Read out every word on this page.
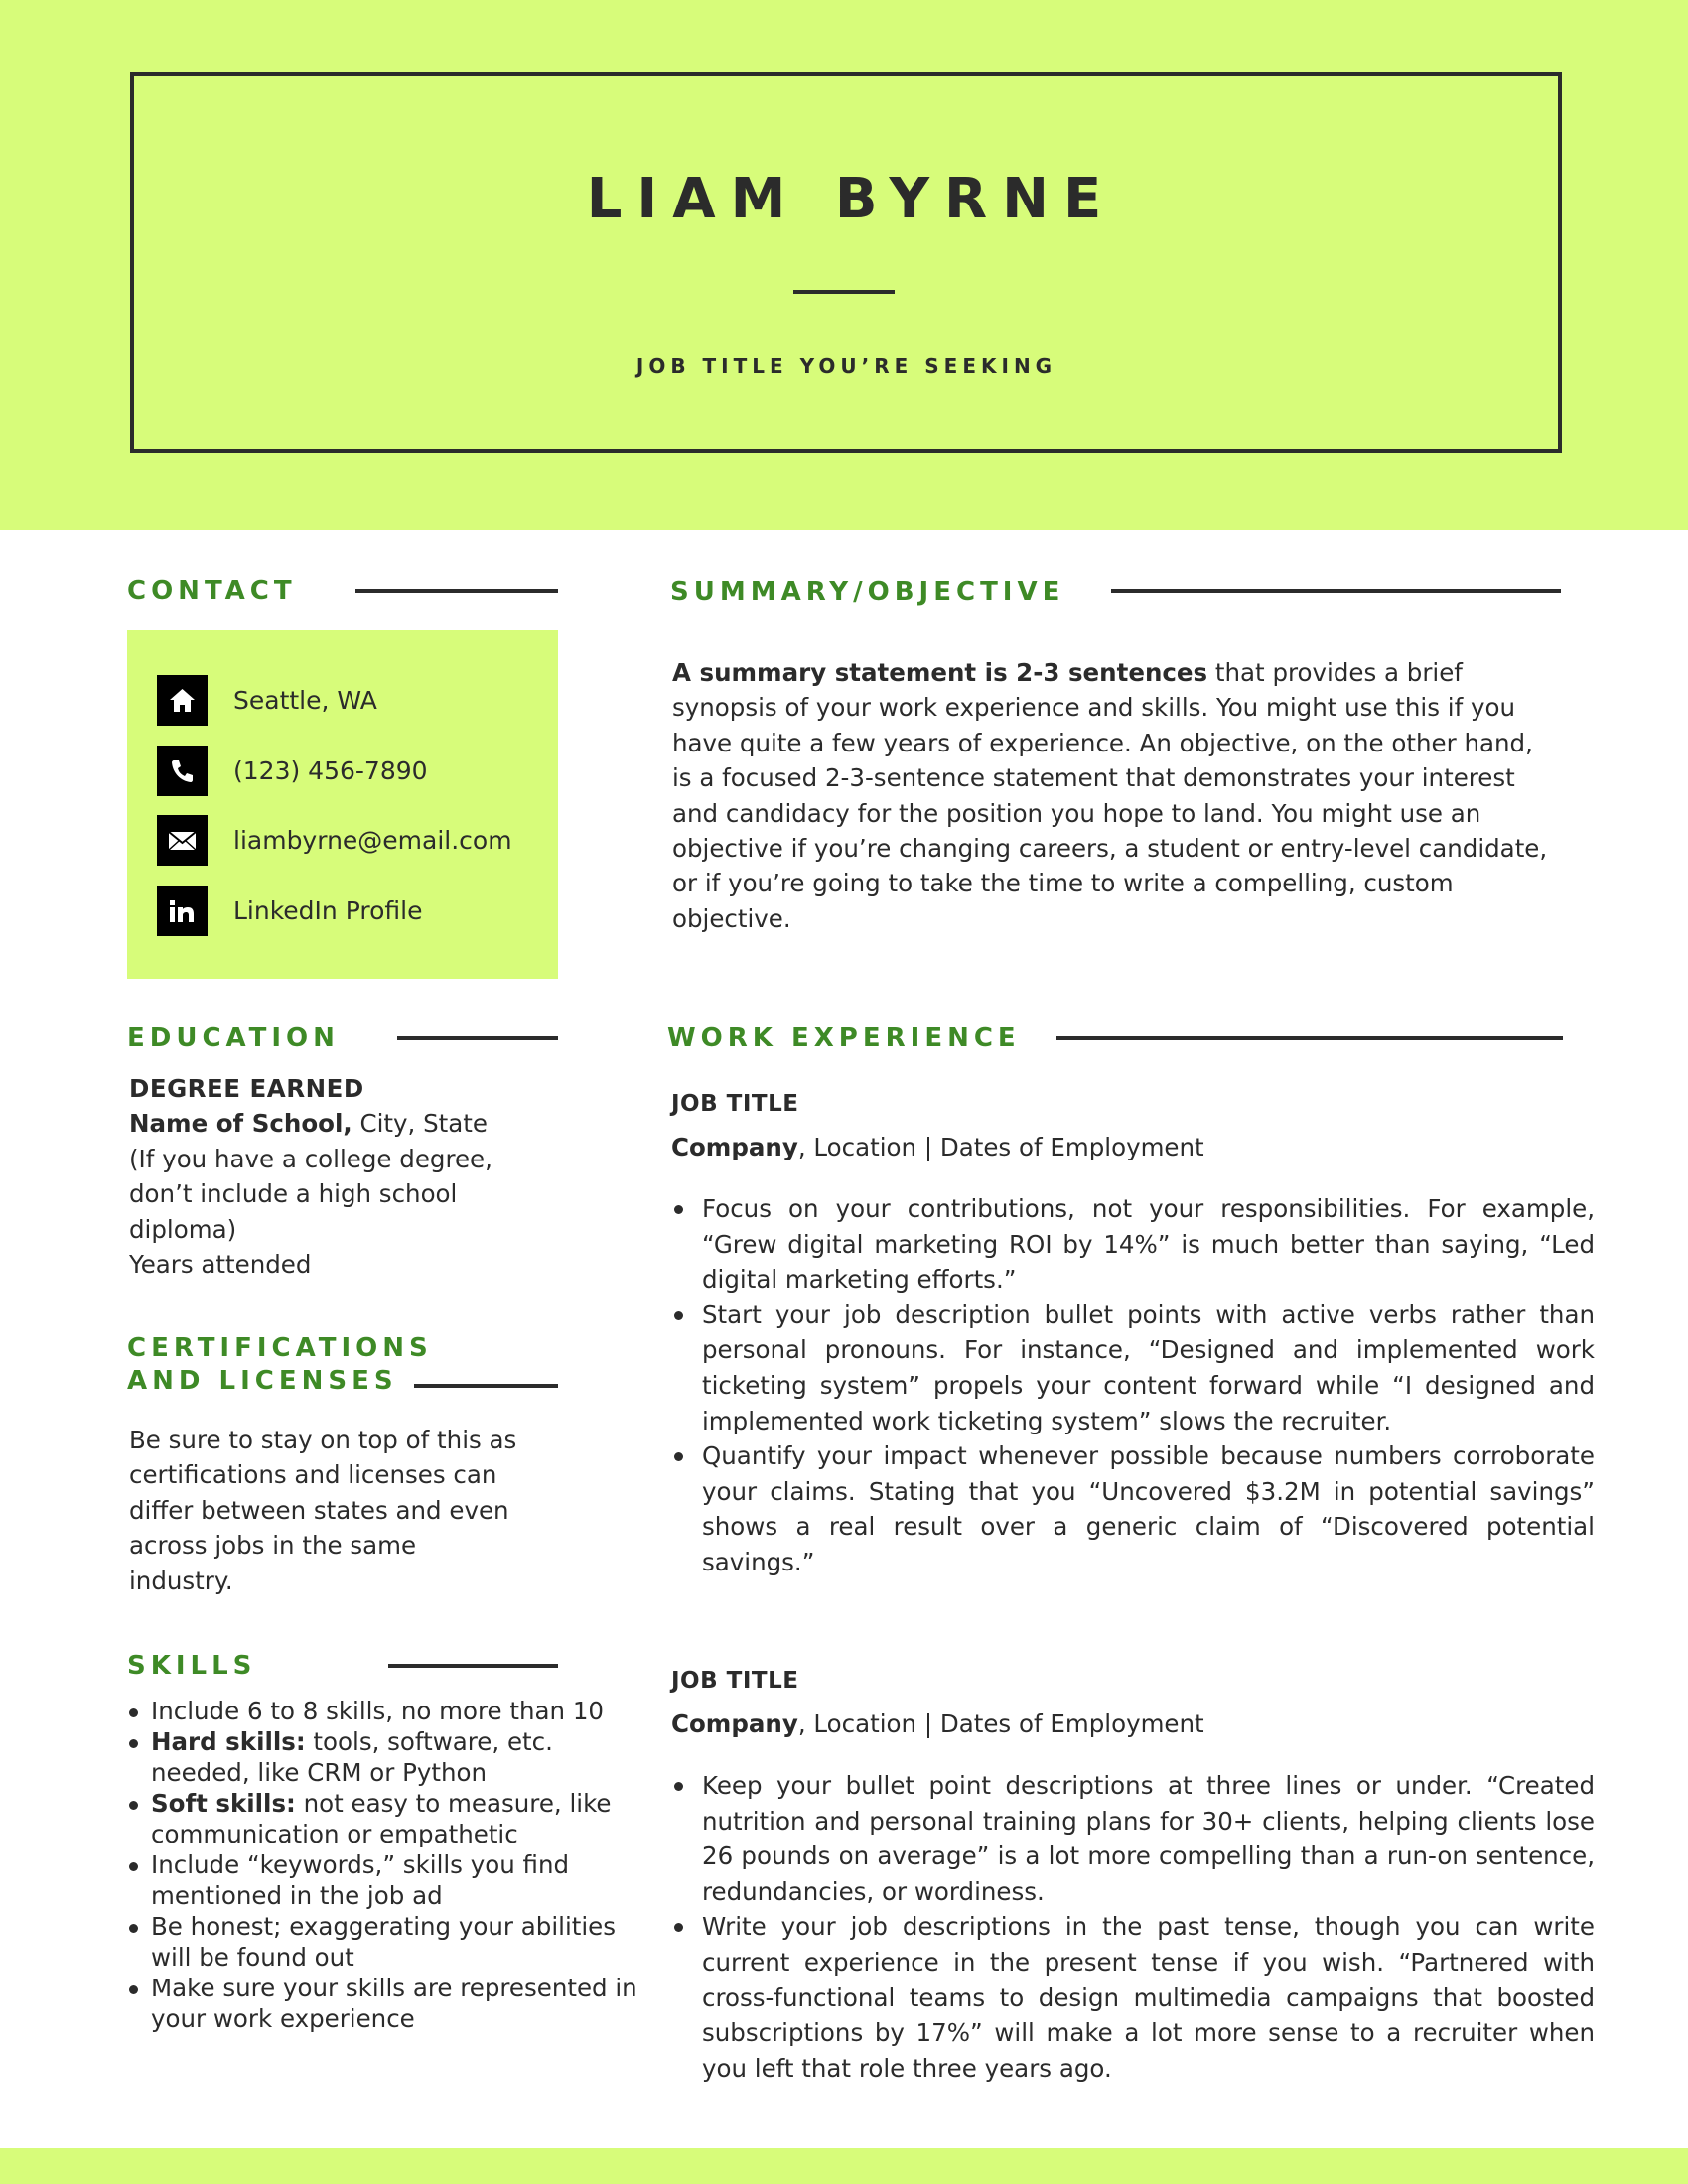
LIAM BYRNE
JOB TITLE YOU’RE SEEKING
CONTACT
Seattle, WA
(123) 456-7890
liambyrne@email.com
LinkedIn Profile
EDUCATION
DEGREE EARNED
Name of School, City, State
(If you have a college degree, don’t include a high school diploma)
Years attended
CERTIFICATIONS
AND LICENSES
Be sure to stay on top of this as certifications and licenses can differ between states and even across jobs in the same industry.
SKILLS
Include 6 to 8 skills, no more than 10
Hard skills: tools, software, etc. needed, like CRM or Python
Soft skills: not easy to measure, like communication or empathetic
Include “keywords,” skills you find mentioned in the job ad
Be honest; exaggerating your abilities will be found out
Make sure your skills are represented in your work experience
SUMMARY/OBJECTIVE
A summary statement is 2-3 sentences that provides a brief synopsis of your work experience and skills. You might use this if you have quite a few years of experience. An objective, on the other hand, is a focused 2-3-sentence statement that demonstrates your interest and candidacy for the position you hope to land. You might use an objective if you’re changing careers, a student or entry-level candidate, or if you’re going to take the time to write a compelling, custom objective.
WORK EXPERIENCE
JOB TITLE
Company, Location | Dates of Employment
Focus on your contributions, not your responsibilities. For example, “Grew digital marketing ROI by 14%” is much better than saying, “Led digital marketing efforts.”
Start your job description bullet points with active verbs rather than personal pronouns. For instance, “Designed and implemented work ticketing system” propels your content forward while “I designed and implemented work ticketing system” slows the recruiter.
Quantify your impact whenever possible because numbers corroborate your claims. Stating that you “Uncovered $3.2M in potential savings” shows a real result over a generic claim of “Discovered potential savings.”
JOB TITLE
Company, Location | Dates of Employment
Keep your bullet point descriptions at three lines or under. “Created nutrition and personal training plans for 30+ clients, helping clients lose 26 pounds on average” is a lot more compelling than a run-on sentence, redundancies, or wordiness.
Write your job descriptions in the past tense, though you can write current experience in the present tense if you wish. “Partnered with cross-functional teams to design multimedia campaigns that boosted subscriptions by 17%” will make a lot more sense to a recruiter when you left that role three years ago.
